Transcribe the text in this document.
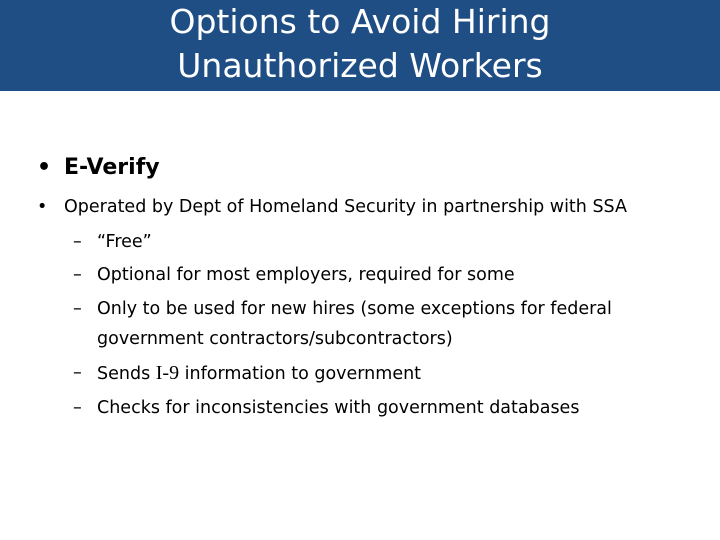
Options to Avoid Hiring
Unauthorized Workers
• E-Verify
• Operated by Dept of Homeland Security in partnership with SSA
– “Free”
– Optional for most employers, required for some
– Only to be used for new hires (some exceptions for federal
government contractors/subcontractors)
– Sends I-9 information to government
– Checks for inconsistencies with government databases
